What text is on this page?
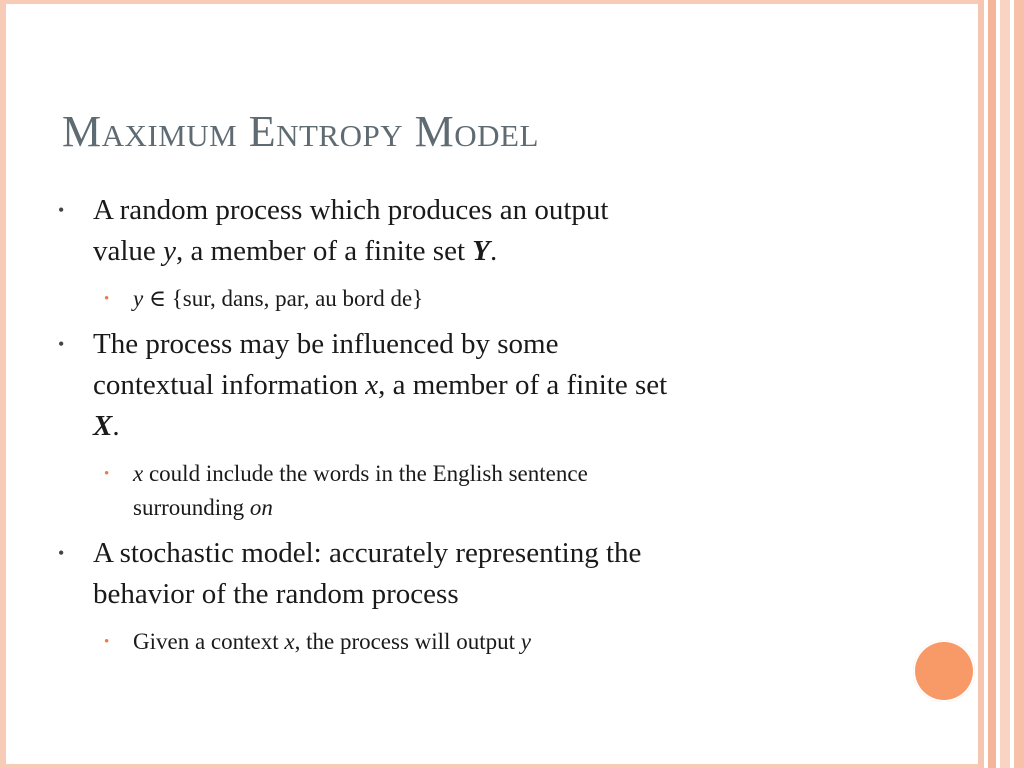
Maximum Entropy Model
• A random process which produces an output
value y, a member of a finite set Y.
• y ∈ {sur, dans, par, au bord de}
• The process may be influenced by some
contextual information x, a member of a finite set
X.
• x could include the words in the English sentence
surrounding on
• A stochastic model: accurately representing the
behavior of the random process
• Given a context x, the process will output y
